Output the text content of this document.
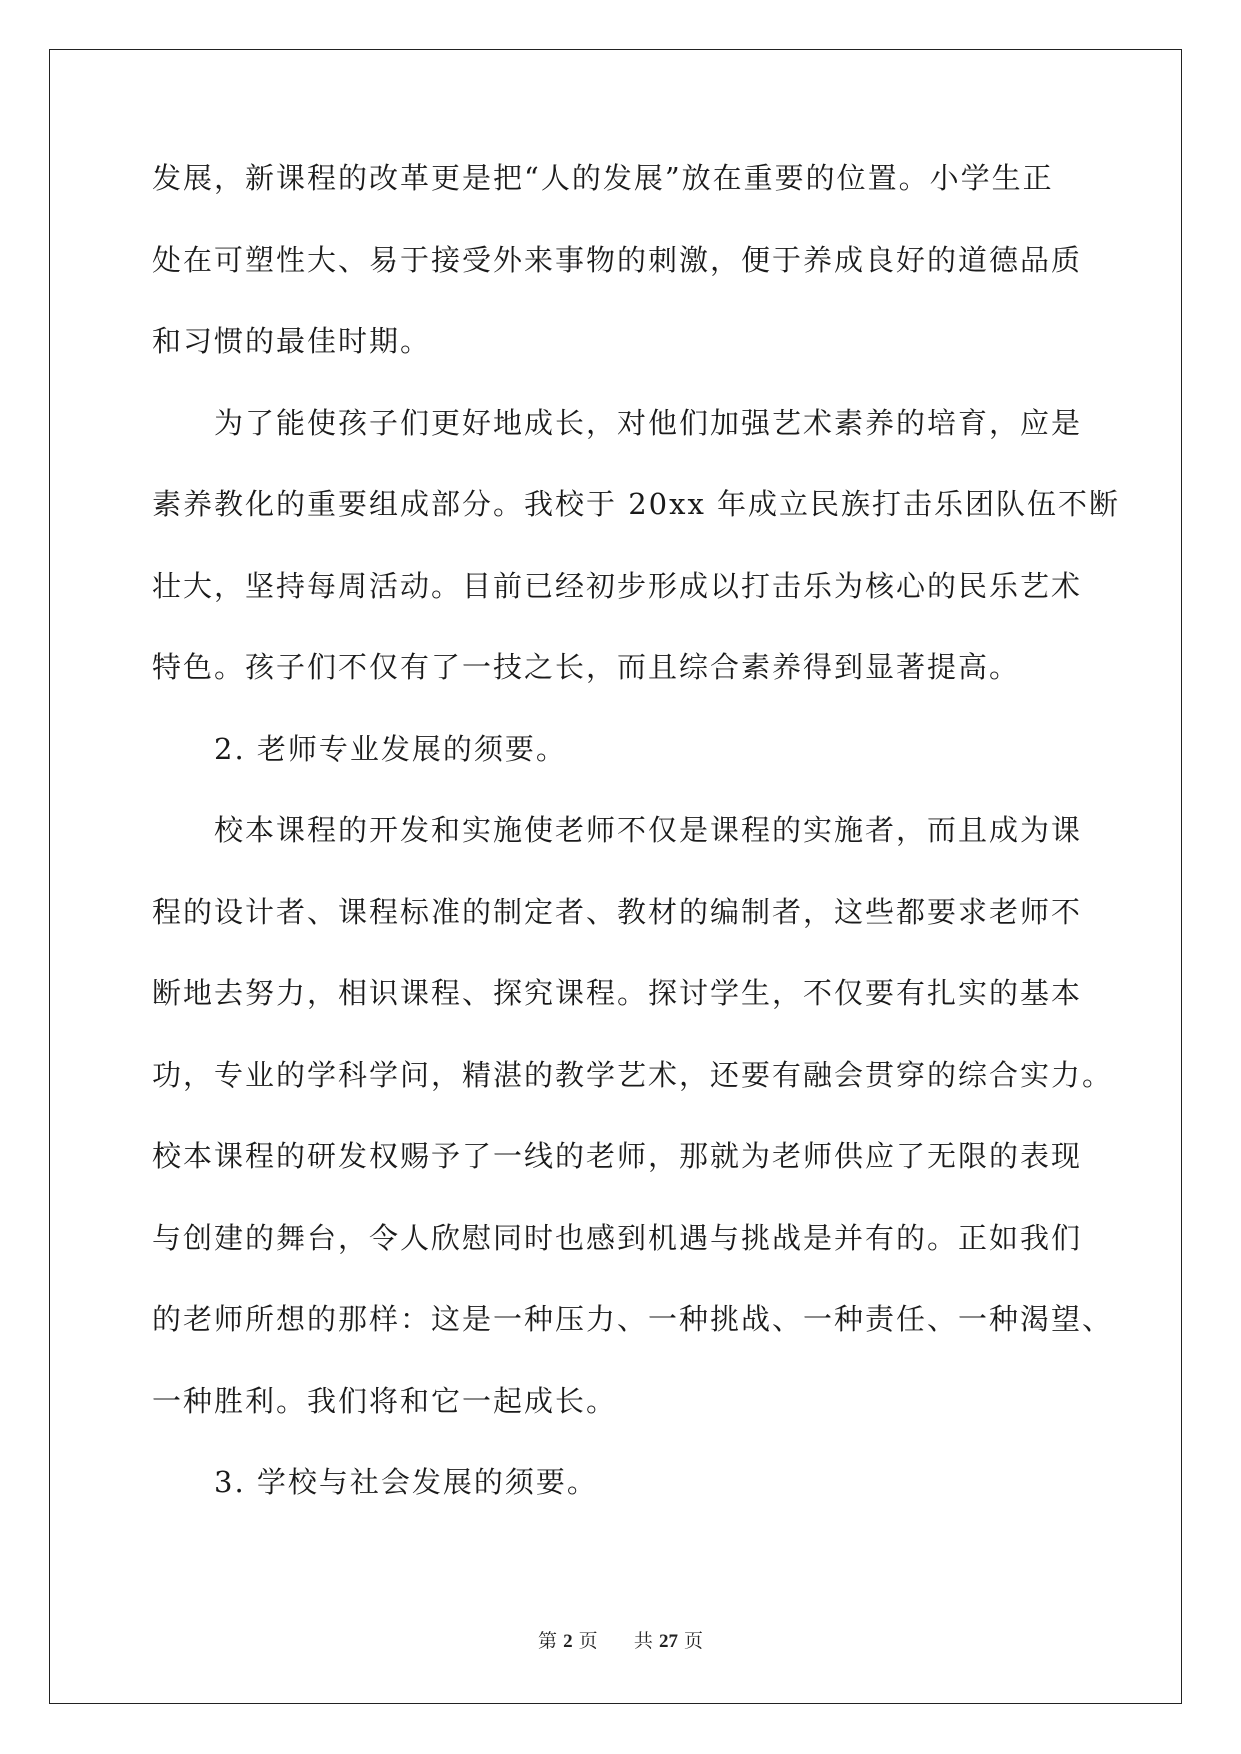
发展，新课程的改革更是把“人的发展”放在重要的位置。小学生正
处在可塑性大、易于接受外来事物的刺激，便于养成良好的道德品质
和习惯的最佳时期。
　　为了能使孩子们更好地成长，对他们加强艺术素养的培育，应是
素养教化的重要组成部分。我校于 20xx 年成立民族打击乐团队伍不断
壮大，坚持每周活动。目前已经初步形成以打击乐为核心的民乐艺术
特色。孩子们不仅有了一技之长，而且综合素养得到显著提高。
　　2. 老师专业发展的须要。
　　校本课程的开发和实施使老师不仅是课程的实施者，而且成为课
程的设计者、课程标准的制定者、教材的编制者，这些都要求老师不
断地去努力，相识课程、探究课程。探讨学生，不仅要有扎实的基本
功，专业的学科学问，精湛的教学艺术，还要有融会贯穿的综合实力。
校本课程的研发权赐予了一线的老师，那就为老师供应了无限的表现
与创建的舞台，令人欣慰同时也感到机遇与挑战是并有的。正如我们
的老师所想的那样：这是一种压力、一种挑战、一种责任、一种渴望、
一种胜利。我们将和它一起成长。
　　3. 学校与社会发展的须要。
第 2 页 共 27 页
